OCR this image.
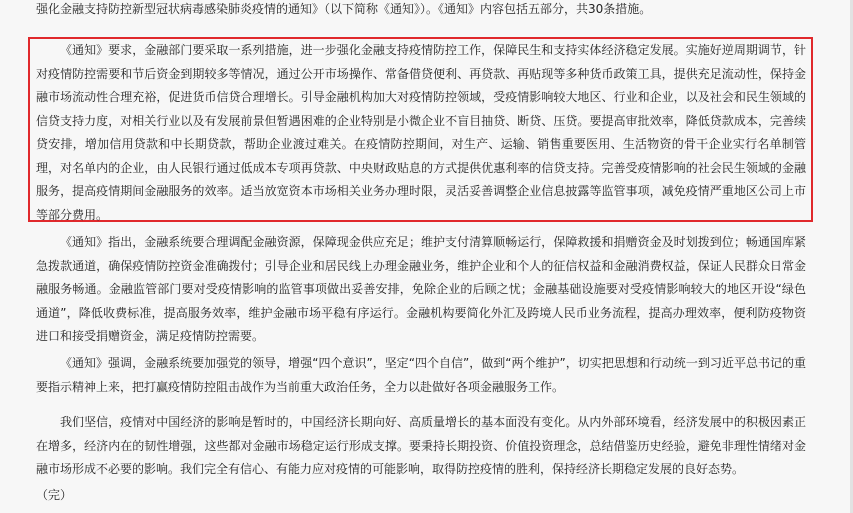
强化金融支持防控新型冠状病毒感染肺炎疫情的通知》（以下简称《通知》）。《通知》内容包括五部分，共30条措施。

《通知》要求，金融部门要采取一系列措施，进一步强化金融支持疫情防控工作，保障民生和支持实体经济稳定发展。实施好逆周期调节，针对疫情防控需要和节后资金到期较多等情况，通过公开市场操作、常备借贷便利、再贷款、再贴现等多种货币政策工具，提供充足流动性，保持金融市场流动性合理充裕，促进货币信贷合理增长。引导金融机构加大对疫情防控领域，受疫情影响较大地区、行业和企业，以及社会和民生领域的信贷支持力度，对相关行业以及有发展前景但暂遇困难的企业特别是小微企业不盲目抽贷、断贷、压贷。要提高审批效率，降低贷款成本，完善续贷安排，增加信用贷款和中长期贷款，帮助企业渡过难关。在疫情防控期间，对生产、运输、销售重要医用、生活物资的骨干企业实行名单制管理，对名单内的企业，由人民银行通过低成本专项再贷款、中央财政贴息的方式提供优惠利率的信贷支持。完善受疫情影响的社会民生领域的金融服务，提高疫情期间金融服务的效率。适当放宽资本市场相关业务办理时限，灵活妥善调整企业信息披露等监管事项，减免疫情严重地区公司上市等部分费用。

《通知》指出，金融系统要合理调配金融资源，保障现金供应充足；维护支付清算顺畅运行，保障救援和捐赠资金及时划拨到位；畅通国库紧急拨款通道，确保疫情防控资金准确拨付；引导企业和居民线上办理金融业务，维护企业和个人的征信权益和金融消费权益，保证人民群众日常金融服务畅通。金融监管部门要对受疫情影响的监管事项做出妥善安排，免除企业的后顾之忧；金融基础设施要对受疫情影响较大的地区开设“绿色通道”，降低收费标准，提高服务效率，维护金融市场平稳有序运行。金融机构要简化外汇及跨境人民币业务流程，提高办理效率，便利防疫物资进口和接受捐赠资金，满足疫情防控需要。

《通知》强调，金融系统要加强党的领导，增强“四个意识”，坚定“四个自信”，做到“两个维护”，切实把思想和行动统一到习近平总书记的重要指示精神上来，把打赢疫情防控阻击战作为当前重大政治任务，全力以赴做好各项金融服务工作。

我们坚信，疫情对中国经济的影响是暂时的，中国经济长期向好、高质量增长的基本面没有变化。从内外部环境看，经济发展中的积极因素正在增多，经济内在的韧性增强，这些都对金融市场稳定运行形成支撑。要秉持长期投资、价值投资理念，总结借鉴历史经验，避免非理性情绪对金融市场形成不必要的影响。我们完全有信心、有能力应对疫情的可能影响，取得防控疫情的胜利，保持经济长期稳定发展的良好态势。

（完）
